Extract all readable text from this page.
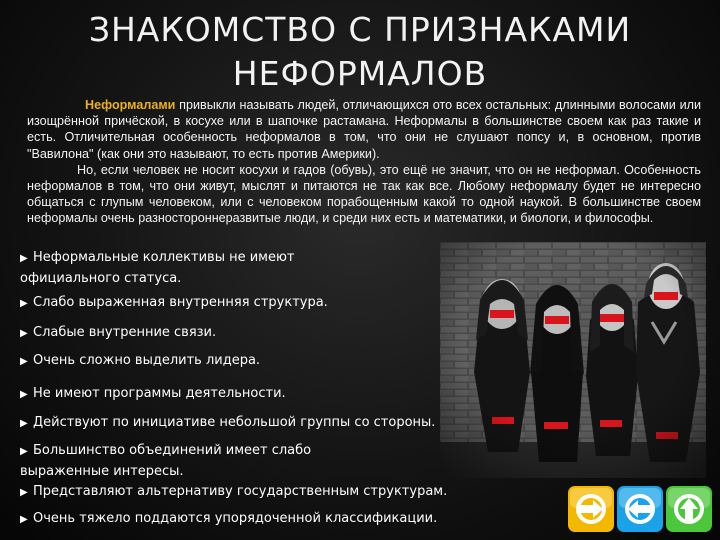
ЗНАКОМСТВО С ПРИЗНАКАМИ
НЕФОРМАЛОВ

Неформалами привыкли называть людей, отличающихся ото всех остальных: длинными волосами или изощрённой причёской, в косухе или в шапочке растамана. Неформалы в большинстве своем как раз такие и есть. Отличительная особенность неформалов в том, что они не слушают попсу и, в основном, против "Вавилона" (как они это называют, то есть против Америки).

Но, если человек не носит косухи и гадов (обувь), это ещё не значит, что он не неформал. Особенность неформалов в том, что они живут, мыслят и питаются не так как все. Любому неформалу будет не интересно общаться с глупым человеком, или с человеком порабощенным какой то одной наукой. В большинстве своем неформалы очень разностороннеразвитые люди, и среди них есть и математики, и биологи, и философы.

▶ Неформальные коллективы не имеют официального статуса.
▶ Слабо выраженная внутренняя структура.
▶ Слабые внутренние связи.
▶ Очень сложно выделить лидера.
▶ Не имеют программы деятельности.
▶ Действуют по инициативе небольшой группы со стороны.
▶ Большинство объединений имеет слабо выраженные интересы.
▶ Представляют альтернативу государственным структурам.
▶ Очень тяжело поддаются упорядоченной классификации.
